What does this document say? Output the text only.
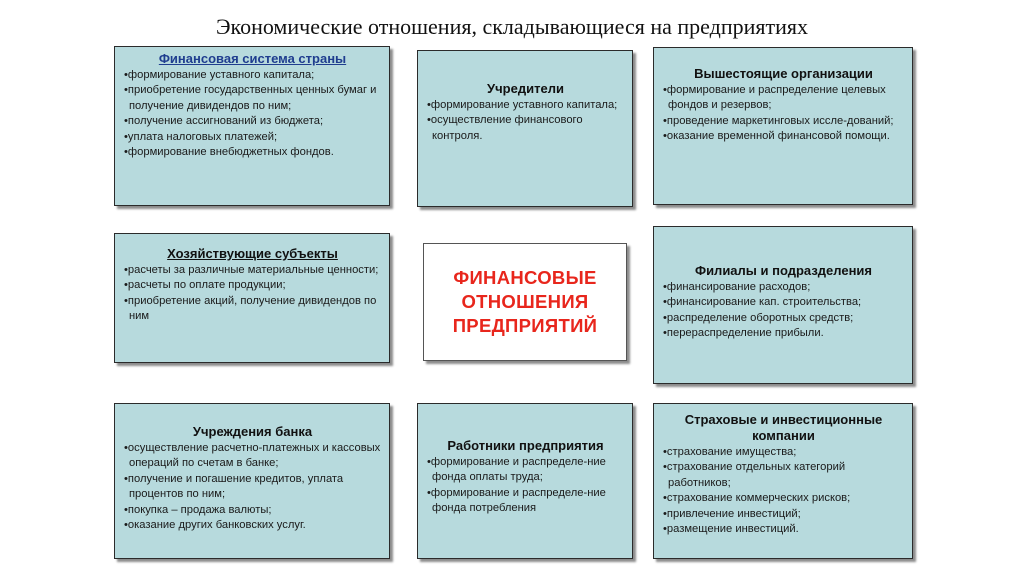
Экономические отношения, складывающиеся на предприятиях
Финансовая система страны
•формирование уставного капитала;
•приобретение государственных ценных бумаг и получение дивидендов по ним;
•получение ассигнований из бюджета;
•уплата налоговых платежей;
•формирование внебюджетных фондов.
Учредители
•формирование уставного капитала;
•осуществление финансового контроля.
Вышестоящие организации
•формирование и распределение целевых фондов и резервов;
•проведение маркетинговых иссле-дований;
•оказание временной финансовой помощи.
Хозяйствующие субъекты
•расчеты за различные материальные ценности;
•расчеты по оплате продукции;
•приобретение акций, получение дивидендов по ним
ФИНАНСОВЫЕ
ОТНОШЕНИЯ
ПРЕДПРИЯТИЙ
Филиалы и подразделения
•финансирование расходов;
•финансирование кап. строительства;
•распределение оборотных средств;
•перераспределение прибыли.
Учреждения банка
•осуществление расчетно-платежных и кассовых операций по счетам в банке;
•получение и погашение кредитов, уплата процентов по ним;
•покупка – продажа валюты;
•оказание других банковских услуг.
Работники предприятия
•формирование и распределе-ние фонда оплаты труда;
•формирование и распределе-ние фонда потребления
Страховые и инвестиционные компании
•страхование имущества;
•страхование отдельных категорий работников;
•страхование коммерческих рисков;
•привлечение инвестиций;
•размещение инвестиций.
